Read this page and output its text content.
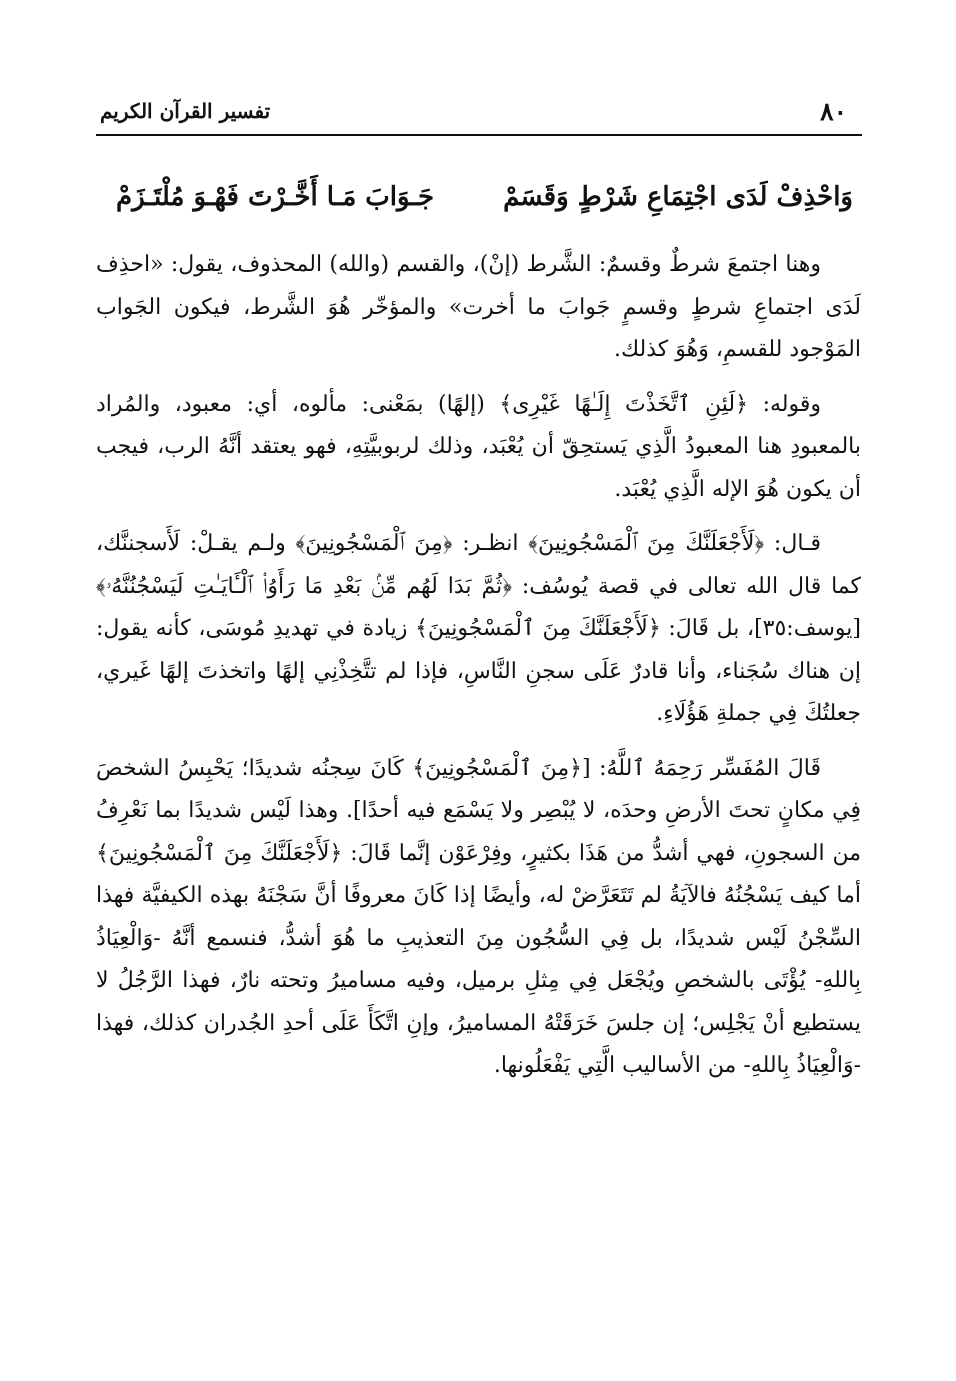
٨٠
تفسير القرآن الكريم
وَاحْذِفْ لَدَى اجْتِمَاعِ شَرْطٍ وَقَسَمْ
جَـوَابَ مَـا أَخَّـرْتَ فَهْـوَ مُلْتَـزَمْ

وهنا اجتمعَ شرطٌ وقسمٌ: الشَّرط (إنْ)، والقسم (والله) المحذوف، يقول: «احذِف لَدَى اجتماعِ شرطٍ وقسمٍ جَوابَ ما أخرت» والمؤخّر هُوَ الشَّرط، فيكون الجَواب المَوْجود للقسمِ، وَهُوَ كذلك.

وقوله: ﴿لَئِنِ ٱتَّخَذْتَ إِلَـٰهًا غَيْرِى﴾ (إلهًا) بمَعْنى: مألوه، أي: معبود، والمُراد بالمعبودِ هنا المعبودُ الَّذِي يَستحِقّ أن يُعْبَد، وذلك لربوبيَّتِهِ، فهو يعتقد أنَّهُ الرب، فيجب أن يكون هُوَ الإله الَّذِي يُعْبَد.

قـال: ﴿لَأَجْعَلَنَّكَ مِنَ ٱلْمَسْجُونِينَ﴾ انظـر: ﴿مِنَ ٱلْمَسْجُونِينَ﴾ ولـم يقـلْ: لَأَسجننَّك، كما قال الله تعالى في قصة يُوسُف: ﴿ثُمَّ بَدَا لَهُم مِّنۢ بَعْدِ مَا رَأَوُا۟ ٱلْـَٔايَـٰتِ لَيَسْجُنُنَّهُۥ﴾ [يوسف:٣٥]، بل قَالَ: ﴿لَأَجْعَلَنَّكَ مِنَ ٱلْمَسْجُونِينَ﴾ زيادة في تهديدِ مُوسَى، كأنه يقول: إن هناك سُجَناء، وأنا قادرٌ عَلَى سجنِ النَّاسِ، فإذا لم تتَّخِذْنِي إلهًا واتخذتَ إلهًا غَيري، جعلتُكَ فِي جملةِ هَؤُلَاءِ.

قَالَ المُفَسِّر رَحِمَهُ ٱللَّهُ: [﴿مِنَ ٱلْمَسْجُونِينَ﴾ كَانَ سِجنُه شديدًا؛ يَحْبِسُ الشخصَ فِي مكانٍ تحتَ الأرضِ وحدَه، لا يُبْصِر ولا يَسْمَع فيه أحدًا]. وهذا لَيْس شديدًا بما نَعْرِفُ من السجونِ، فهي أشدُّ من هَذَا بكثيرٍ، وفِرْعَوْن إنَّما قَالَ: ﴿لَأَجْعَلَنَّكَ مِنَ ٱلْمَسْجُونِينَ﴾ أما كيف يَسْجُنُهُ فالآيَةُ لم تَتَعَرَّضْ له، وأيضًا إذا كَانَ معروفًا أنَّ سَجْنَهُ بهذه الكيفيَّة فهذا السِّجْنُ لَيْس شديدًا، بل فِي السُّجُون مِنَ التعذيبِ ما هُوَ أشدُّ، فنسمع أنَّهُ -وَالْعِيَاذُ بِاللهِ- يُؤْتَى بالشخصِ ويُجْعَل فِي مِثلِ برميل، وفيه مساميرُ وتحته نارٌ، فهذا الرَّجُلُ لا يستطيع أنْ يَجْلِس؛ إن جلسَ خَرَقَتْهُ المساميرُ، وإنِ اتَّكَأَ عَلَى أحدِ الجُدران كذلك، فهذا -وَالْعِيَاذُ بِاللهِ- من الأساليب الَّتِي يَفْعَلُونها.
